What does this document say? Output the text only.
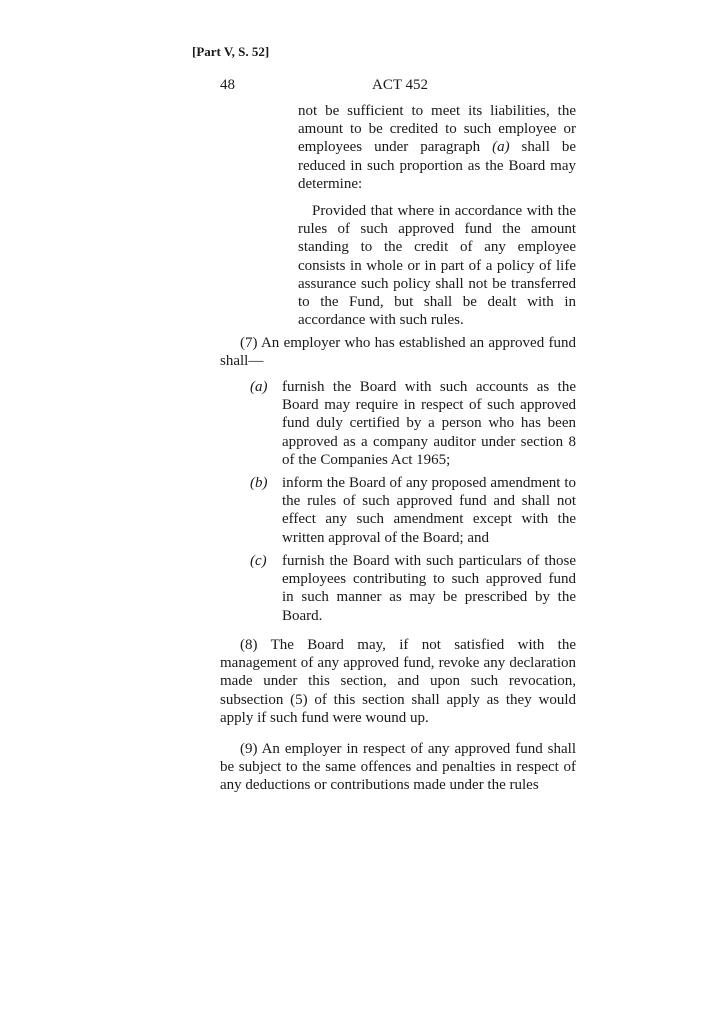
[Part V, S. 52]
48	ACT 452

not be sufficient to meet its liabilities, the amount to be credited to such employee or employees under paragraph (a) shall be reduced in such proportion as the Board may determine:

Provided that where in accordance with the rules of such approved fund the amount standing to the credit of any employee consists in whole or in part of a policy of life assurance such policy shall not be transferred to the Fund, but shall be dealt with in accordance with such rules.

(7) An employer who has established an approved fund shall—

(a) furnish the Board with such accounts as the Board may require in respect of such approved fund duly certified by a person who has been approved as a company auditor under section 8 of the Companies Act 1965;

(b) inform the Board of any proposed amendment to the rules of such approved fund and shall not effect any such amendment except with the written approval of the Board; and

(c) furnish the Board with such particulars of those employees contributing to such approved fund in such manner as may be prescribed by the Board.

(8) The Board may, if not satisfied with the management of any approved fund, revoke any declaration made under this section, and upon such revocation, subsection (5) of this section shall apply as they would apply if such fund were wound up.

(9) An employer in respect of any approved fund shall be subject to the same offences and penalties in respect of any deductions or contributions made under the rules
